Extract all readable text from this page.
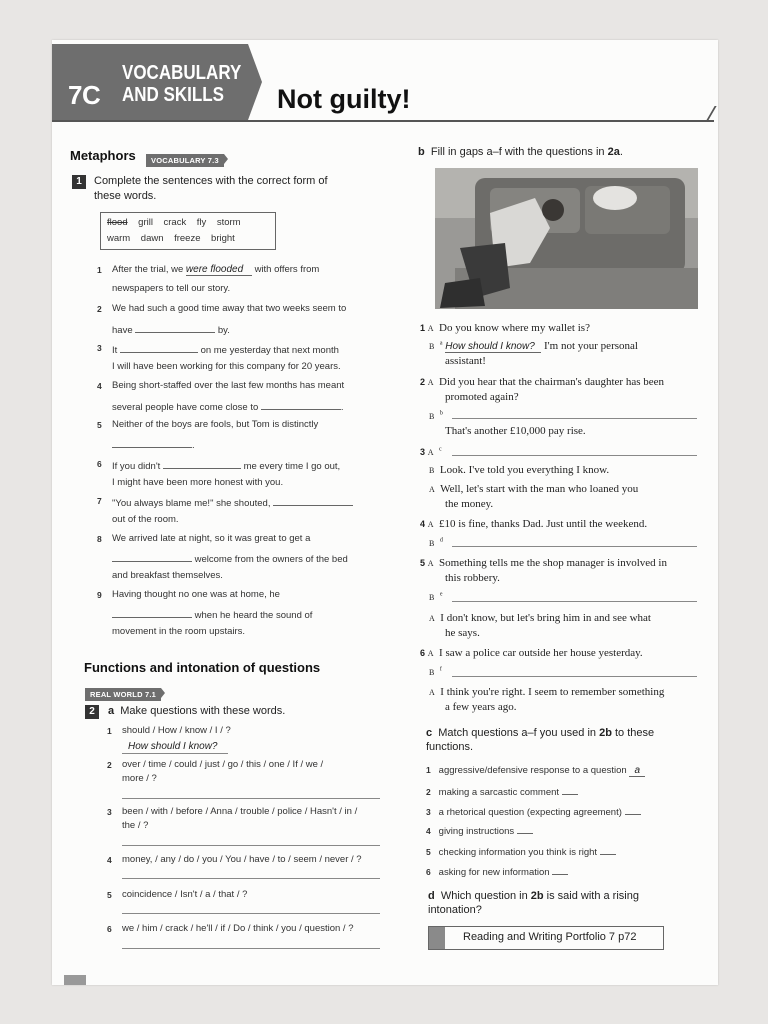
VOCABULARY
AND SKILLS
7C	Not guilty!
Metaphors	VOCABULARY 7.3
1	Complete the sentences with the correct form of
these words.
flood grill crack fly storm
warm dawn freeze bright
1 After the trial, we were flooded with offers from
newspapers to tell our story.
2 We had such a good time away that two weeks seem to
have	by.
3 It	on me yesterday that next month
I will have been working for this company for 20 years.
4 Being short-staffed over the last few months has meant
several people have come close to	.
5 Neither of the boys are fools, but Tom is distinctly
.
6 If you didn't	me every time I go out,
I might have been more honest with you.
7 "You always blame me!" she shouted,
out of the room.
8 We arrived late at night, so it was great to get a
welcome from the owners of the bed
and breakfast themselves.
9 Having thought no one was at home, he
when he heard the sound of
movement in the room upstairs.
Functions and intonation of questions
REAL WORLD 7.1
2	a Make questions with these words.
1 should / How / know / I / ?
How should I know?
2 over / time / could / just / go / this / one / If / we /
more / ?
3 been / with / before / Anna / trouble / police / Hasn't / in /
the / ?
4 money, / any / do / you / You / have / to / seem / never / ?
5 coincidence / Isn't / a / that / ?
6 we / him / crack / he'll / if / Do / think / you / question / ?
b Fill in gaps a–f with the questions in 2a.
1 A Do you know where my wallet is?
B $^a$ How should I know? I'm not your personal
assistant!
2 A Did you hear that the chairman's daughter has been
promoted again?
B $^b$
That's another £10,000 pay rise.
3 A $^c$
B Look. I've told you everything I know.
A Well, let's start with the man who loaned you
the money.
4 A £10 is fine, thanks Dad. Just until the weekend.
B $^d$
5 A Something tells me the shop manager is involved in
this robbery.
B $^e$
A I don't know, but let's bring him in and see what
he says.
6 A I saw a police car outside her house yesterday.
B $^f$
A I think you're right. I seem to remember something
a few years ago.
c Match questions a–f you used in 2b to these
functions.
1 aggressive/defensive response to a question a
2 making a sarcastic comment
3 a rhetorical question (expecting agreement)
4 giving instructions
5 checking information you think is right
6 asking for new information
d Which question in 2b is said with a rising
intonation?
Reading and Writing Portfolio 7 p72
